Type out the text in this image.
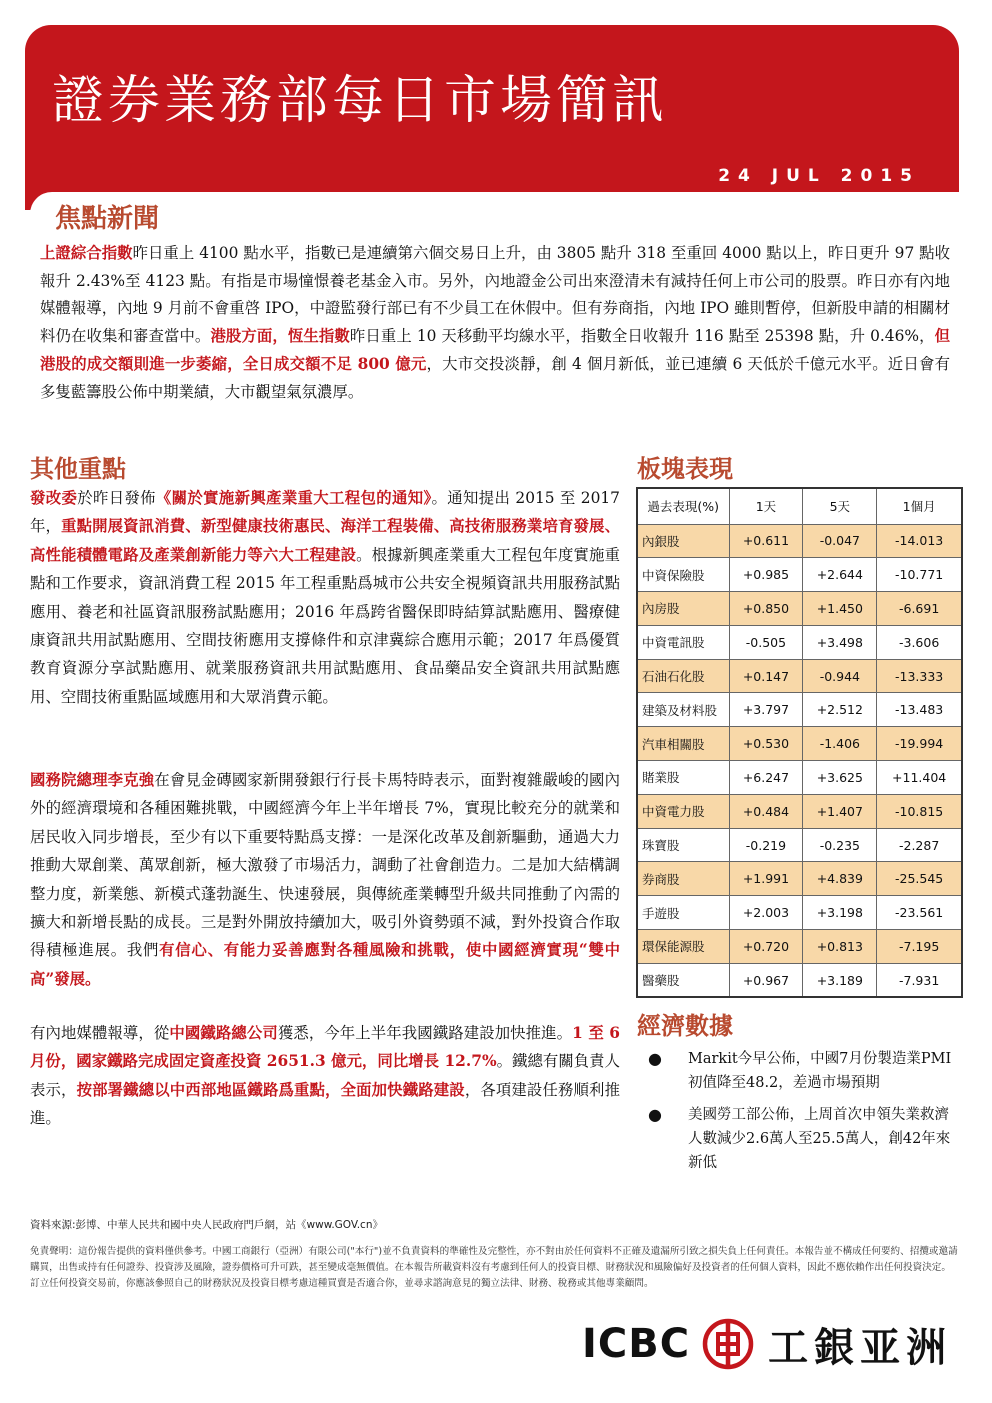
證券業務部每日市場簡訊
24 JUL 2015
焦點新聞

上證綜合指數昨日重上 4100 點水平，指數已是連續第六個交易日上升，由 3805 點升 318 至重回 4000 點以上，昨日更升 97 點收報升 2.43%至 4123 點。有指是市場憧憬養老基金入市。另外，內地證金公司出來澄清未有減持任何上市公司的股票。昨日亦有內地媒體報導，內地 9 月前不會重啓 IPO，中證監發行部已有不少員工在休假中。但有券商指，內地 IPO 雖則暫停，但新股申請的相關材料仍在收集和審查當中。港股方面，恆生指數昨日重上 10 天移動平均線水平，指數全日收報升 116 點至 25398 點，升 0.46%，但港股的成交額則進一步萎縮，全日成交額不足 800 億元，大市交投淡靜，創 4 個月新低，並已連續 6 天低於千億元水平。近日會有多隻藍籌股公佈中期業績，大市觀望氣氛濃厚。

其他重點

發改委於昨日發佈《關於實施新興產業重大工程包的通知》。通知提出 2015 至 2017 年，重點開展資訊消費、新型健康技術惠民、海洋工程裝備、高技術服務業培育發展、高性能積體電路及產業創新能力等六大工程建設。根據新興產業重大工程包年度實施重點和工作要求，資訊消費工程 2015 年工程重點爲城市公共安全視頻資訊共用服務試點應用、養老和社區資訊服務試點應用；2016 年爲跨省醫保即時結算試點應用、醫療健康資訊共用試點應用、空間技術應用支撐條件和京津冀綜合應用示範；2017 年爲優質教育資源分享試點應用、就業服務資訊共用試點應用、食品藥品安全資訊共用試點應用、空間技術重點區域應用和大眾消費示範。

國務院總理李克強在會見金磚國家新開發銀行行長卡馬特時表示，面對複雜嚴峻的國內外的經濟環境和各種困難挑戰，中國經濟今年上半年增長 7%，實現比較充分的就業和居民收入同步增長，至少有以下重要特點爲支撐：一是深化改革及創新驅動，通過大力推動大眾創業、萬眾創新，極大激發了市場活力，調動了社會創造力。二是加大結構調整力度，新業態、新模式蓬勃誕生、快速發展，與傳統產業轉型升級共同推動了內需的擴大和新增長點的成長。三是對外開放持續加大，吸引外資勢頭不減，對外投資合作取得積極進展。我們有信心、有能力妥善應對各種風險和挑戰，使中國經濟實現“雙中高”發展。

有內地媒體報導，從中國鐵路總公司獲悉，今年上半年我國鐵路建設加快推進。1 至 6 月份，國家鐵路完成固定資產投資 2651.3 億元，同比增長 12.7%。鐵總有關負責人表示，按部署鐵總以中西部地區鐵路爲重點，全面加快鐵路建設，各項建設任務順利推進。

板塊表現
過去表現(%)	1天	5天	1個月
內銀股	+0.611	-0.047	-14.013
中資保險股	+0.985	+2.644	-10.771
內房股	+0.850	+1.450	-6.691
中資電訊股	-0.505	+3.498	-3.606
石油石化股	+0.147	-0.944	-13.333
建築及材料股	+3.797	+2.512	-13.483
汽車相關股	+0.530	-1.406	-19.994
賭業股	+6.247	+3.625	+11.404
中資電力股	+0.484	+1.407	-10.815
珠寶股	-0.219	-0.235	-2.287
券商股	+1.991	+4.839	-25.545
手遊股	+2.003	+3.198	-23.561
環保能源股	+0.720	+0.813	-7.195
醫藥股	+0.967	+3.189	-7.931
經濟數據
● Markit今早公佈，中國7月份製造業PMI初值降至48.2，差過市場預期
● 美國勞工部公佈，上周首次申領失業救濟人數減少2.6萬人至25.5萬人，創42年來新低
資料來源:彭博、中華人民共和國中央人民政府門戶網，站《www.GOV.cn》
免責聲明：這份報告提供的資料僅供參考。中國工商銀行（亞洲）有限公司("本行")並不負責資料的準確性及完整性，亦不對由於任何資料不正確及遺漏所引致之損失負上任何責任。本報告並不構成任何要約、招攬或邀請購買，出售或持有任何證券、投資涉及風險，證券價格可升可跌，甚至變成毫無價值。在本報告所載資料沒有考慮到任何人的投資目標、財務狀況和風險偏好及投資者的任何個人資料，因此不應依賴作出任何投資決定。訂立任何投資交易前，你應該參照自己的財務狀況及投資目標考慮這種買賣是否適合你，並尋求諮詢意見的獨立法律、財務、稅務或其他專業顧問。
ICBC 工銀亚洲
